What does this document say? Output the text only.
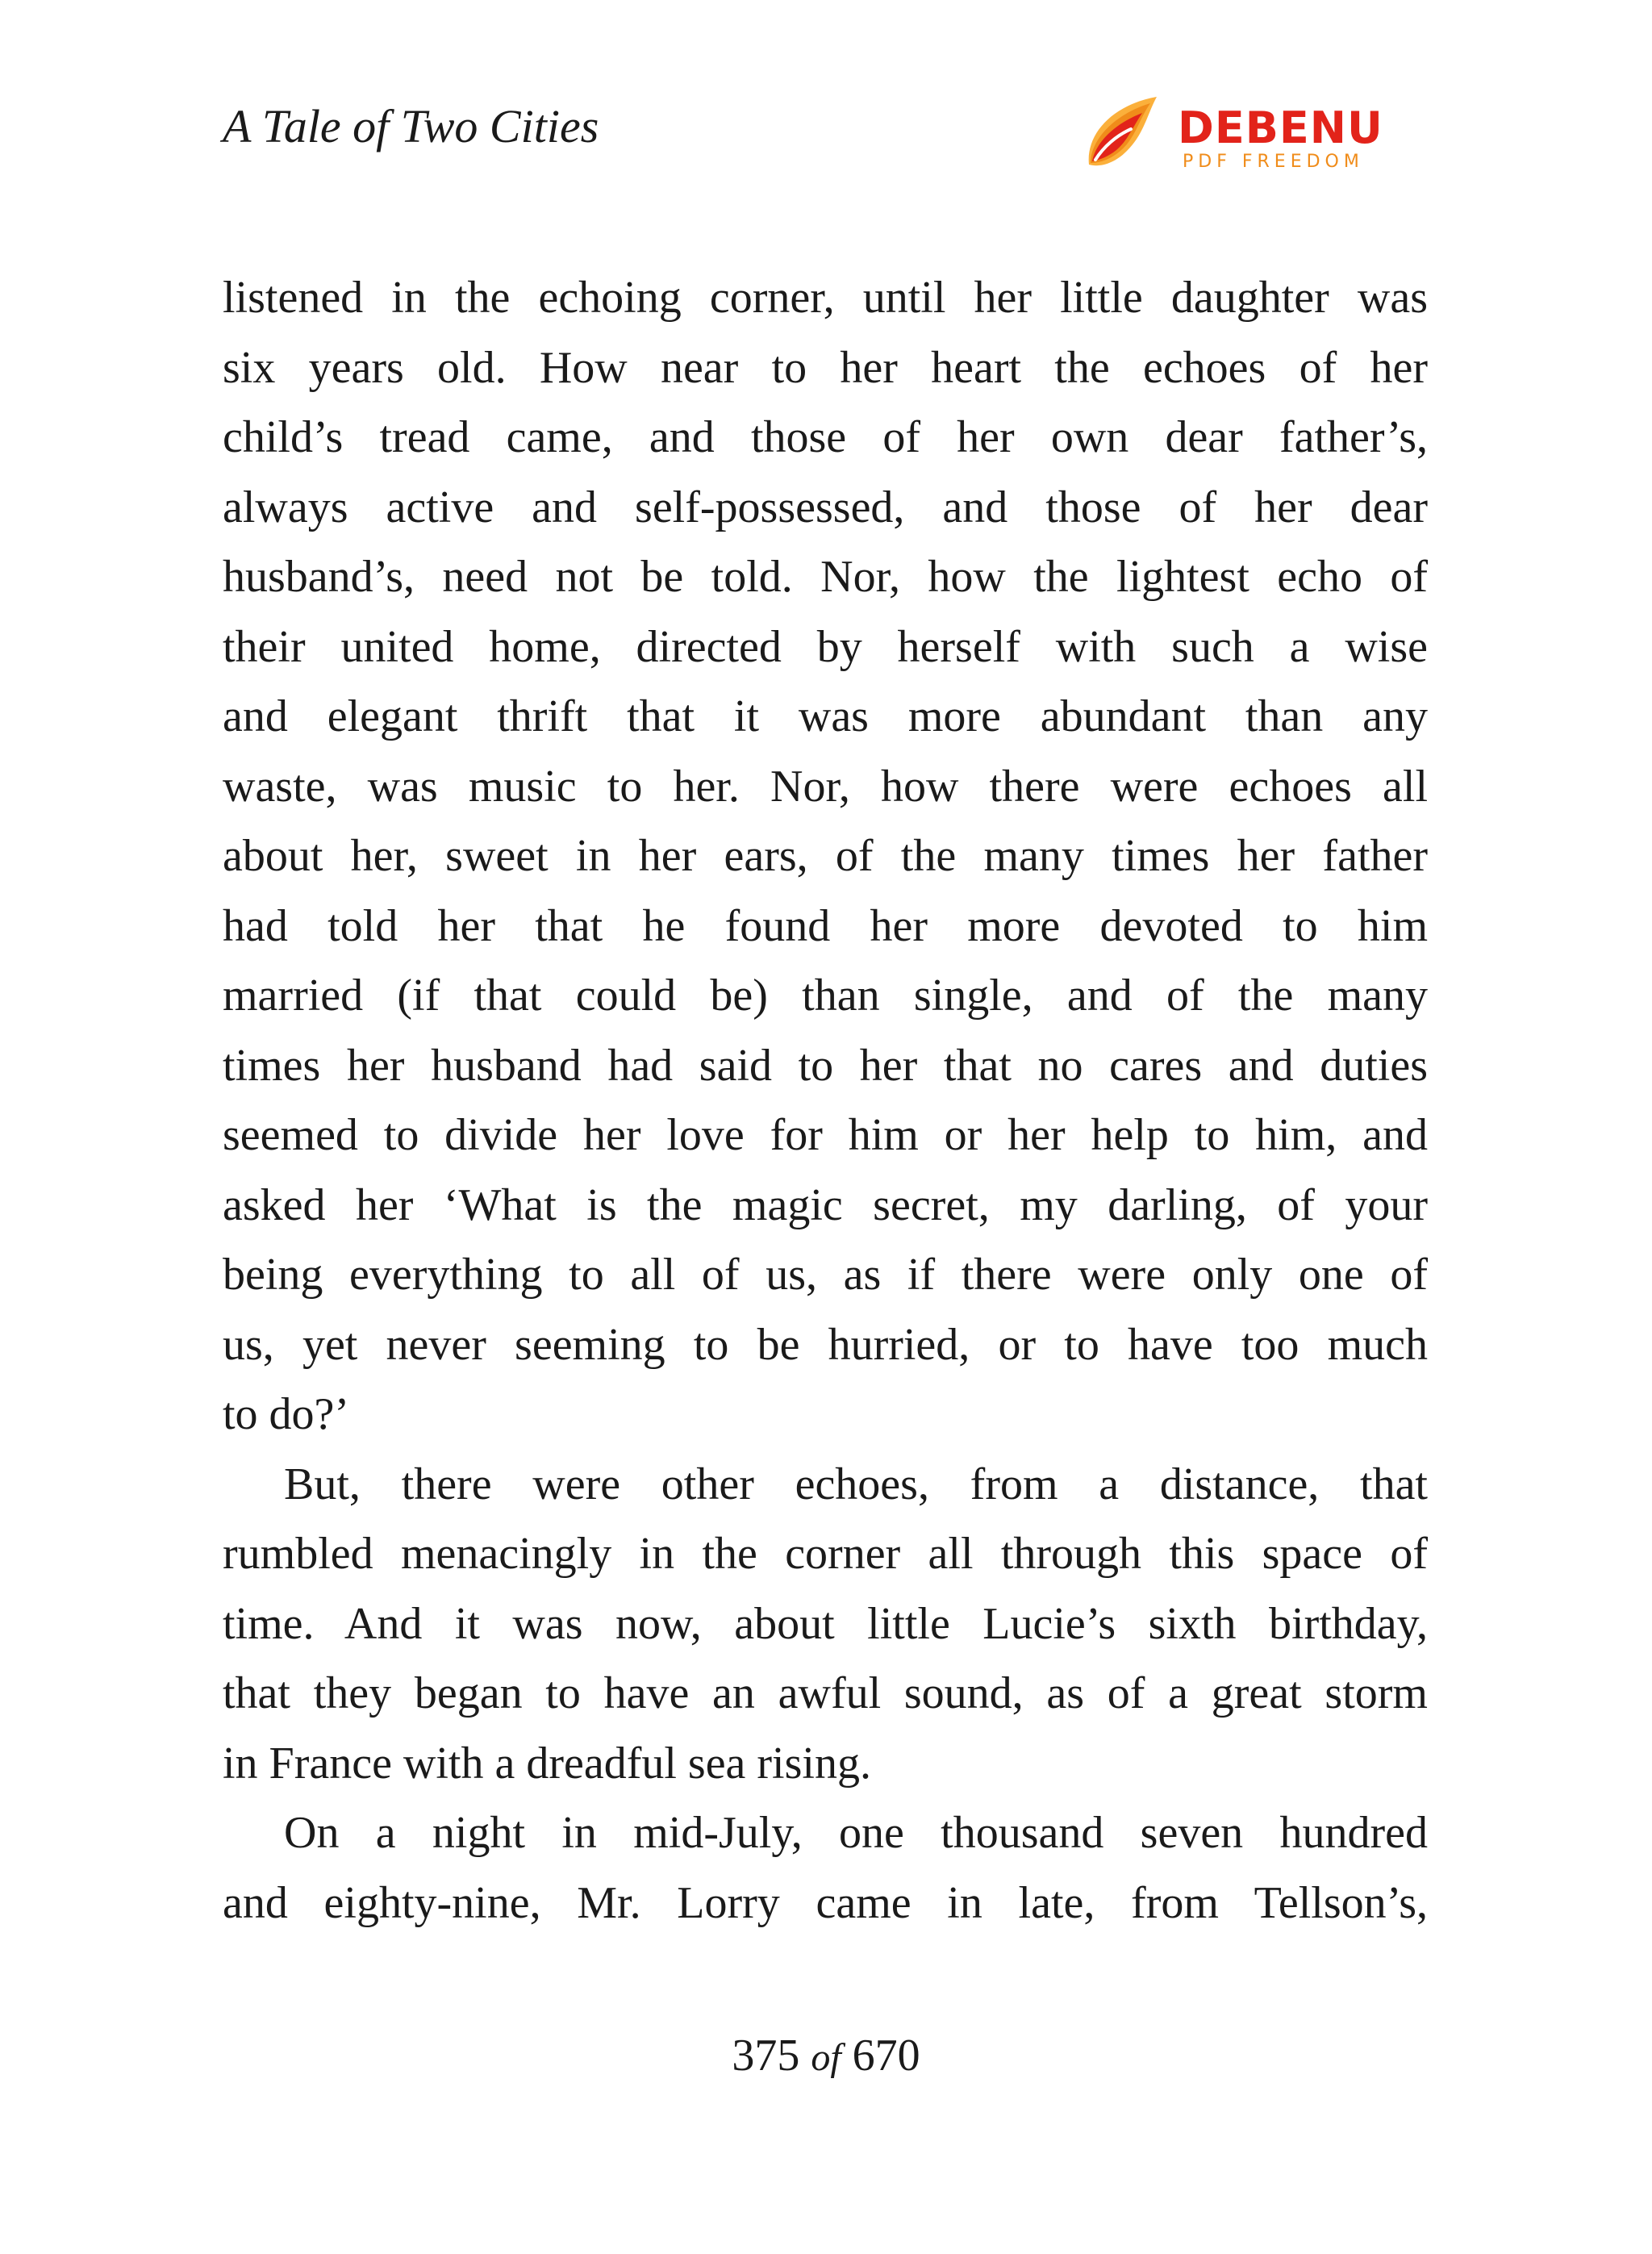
A Tale of Two Cities	DEBENU
PDF FREEDOM
listened in the echoing corner, until her little daughter was
six years old. How near to her heart the echoes of her
child’s tread came, and those of her own dear father’s,
always active and self-possessed, and those of her dear
husband’s, need not be told. Nor, how the lightest echo of
their united home, directed by herself with such a wise
and elegant thrift that it was more abundant than any
waste, was music to her. Nor, how there were echoes all
about her, sweet in her ears, of the many times her father
had told her that he found her more devoted to him
married (if that could be) than single, and of the many
times her husband had said to her that no cares and duties
seemed to divide her love for him or her help to him, and
asked her ‘What is the magic secret, my darling, of your
being everything to all of us, as if there were only one of
us, yet never seeming to be hurried, or to have too much
to do?’
But, there were other echoes, from a distance, that
rumbled menacingly in the corner all through this space of
time. And it was now, about little Lucie’s sixth birthday,
that they began to have an awful sound, as of a great storm
in France with a dreadful sea rising.
On a night in mid-July, one thousand seven hundred
and eighty-nine, Mr. Lorry came in late, from Tellson’s,
375 of 670
